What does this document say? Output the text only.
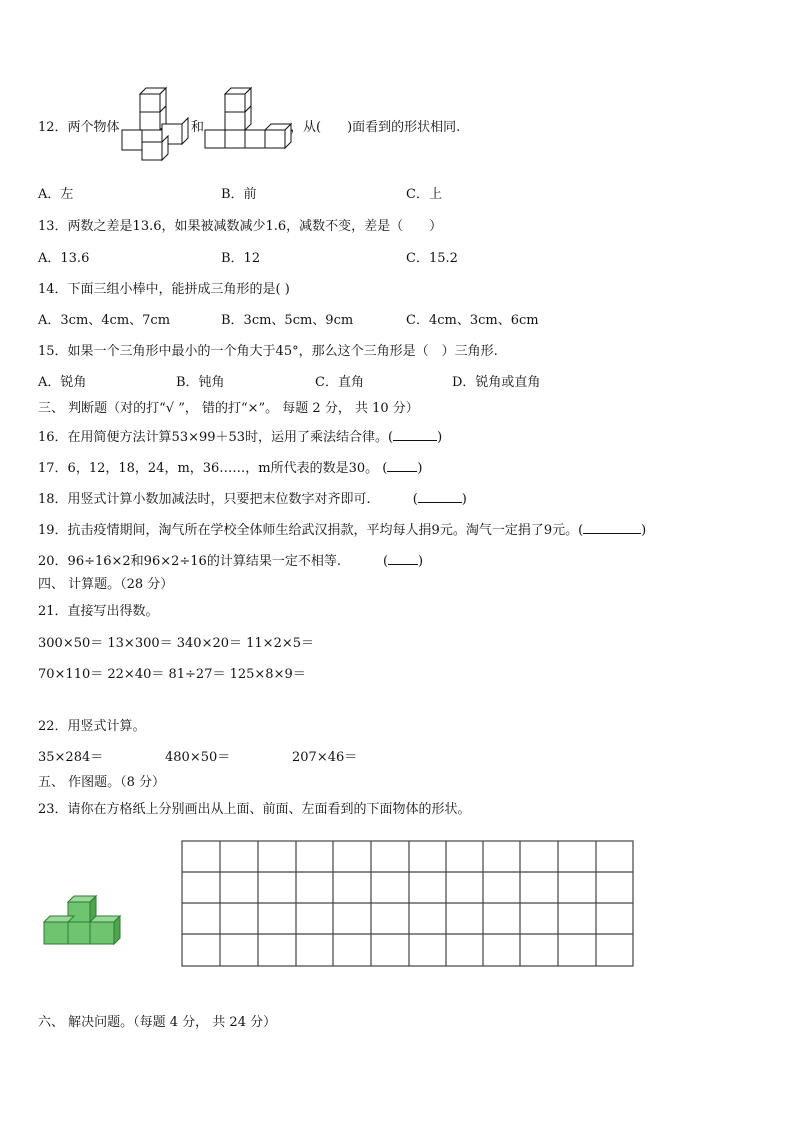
12．两个物体	和	，从(　　)面看到的形状相同.
A．左	B．前	C．上
13．两数之差是13.6，如果被减数减少1.6，减数不变，差是（　　）
A．13.6	B．12	C．15.2
14．下面三组小棒中，能拼成三角形的是( )
A．3cm、4cm、7cm	B．3cm、5cm、9cm	C．4cm、3cm、6cm
15．如果一个三角形中最小的一个角大于45°，那么这个三角形是（　）三角形.
A．锐角	B．钝角	C．直角	D．锐角或直角
三、 判断题（对的打“√ ”， 错的打“×”。 每题 2 分， 共 10 分）
16．在用简便方法计算53×99＋53时，运用了乘法结合律。(	)
17．6，12，18，24，m，36……，m所代表的数是30。 ( )
18．用竖式计算小数加减法时，只要把末位数字对齐即可.	(	)
19．抗击疫情期间，淘气所在学校全体师生给武汉捐款，平均每人捐9元。淘气一定捐了9元。(	)
20．96÷16×2和96×2÷16的计算结果一定不相等.	( )
四、 计算题。（28 分）
21．直接写出得数。
300×50＝ 13×300＝ 340×20＝ 11×2×5＝
70×110＝ 22×40＝ 81÷27＝ 125×8×9＝
22．用竖式计算。
35×284＝	480×50＝	207×46＝
五、 作图题。（8 分）
23．请你在方格纸上分别画出从上面、前面、左面看到的下面物体的形状。
六、 解决问题。（每题 4 分， 共 24 分）
